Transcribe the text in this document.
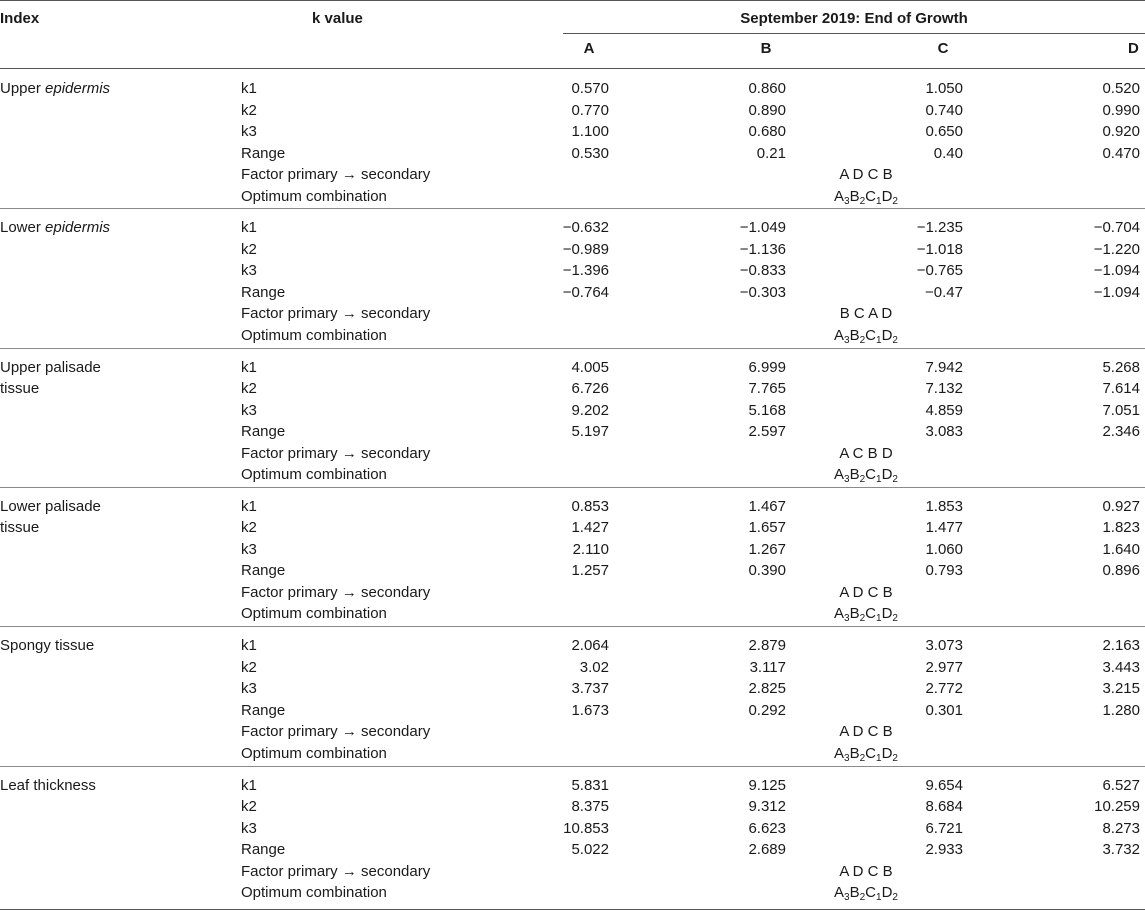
Index	k value	September 2019: End of Growth
A	B	C	D
Upper epidermis	k1	0.570	0.860	1.050	0.520
k2	0.770	0.890	0.740	0.990
k3	1.100	0.680	0.650	0.920
Range	0.530	0.21	0.40	0.470
Factor primary → secondary	A D C B
Optimum combination	$A_3B_2C_1D_2$
Lower epidermis	k1	−0.632	−1.049	−1.235	−0.704
k2	−0.989	−1.136	−1.018	−1.220
k3	−1.396	−0.833	−0.765	−1.094
Range	−0.764	−0.303	−0.47	−1.094
Factor primary → secondary	B C A D
Optimum combination	$A_3B_2C_1D_2$
Upper palisade
tissue
k1	4.005	6.999	7.942	5.268
k2	6.726	7.765	7.132	7.614
k3	9.202	5.168	4.859	7.051
Range	5.197	2.597	3.083	2.346
Factor primary → secondary	A C B D
Optimum combination	$A_3B_2C_1D_2$
Lower palisade
tissue
k1	0.853	1.467	1.853	0.927
k2	1.427	1.657	1.477	1.823
k3	2.110	1.267	1.060	1.640
Range	1.257	0.390	0.793	0.896
Factor primary → secondary	A D C B
Optimum combination	$A_3B_2C_1D_2$
Spongy tissue	k1	2.064	2.879	3.073	2.163
k2	3.02	3.117	2.977	3.443
k3	3.737	2.825	2.772	3.215
Range	1.673	0.292	0.301	1.280
Factor primary → secondary	A D C B
Optimum combination	$A_3B_2C_1D_2$
Leaf thickness	k1	5.831	9.125	9.654	6.527
k2	8.375	9.312	8.684	10.259
k3	10.853	6.623	6.721	8.273
Range	5.022	2.689	2.933	3.732
Factor primary → secondary	A D C B
Optimum combination	$A_3B_2C_1D_2$
